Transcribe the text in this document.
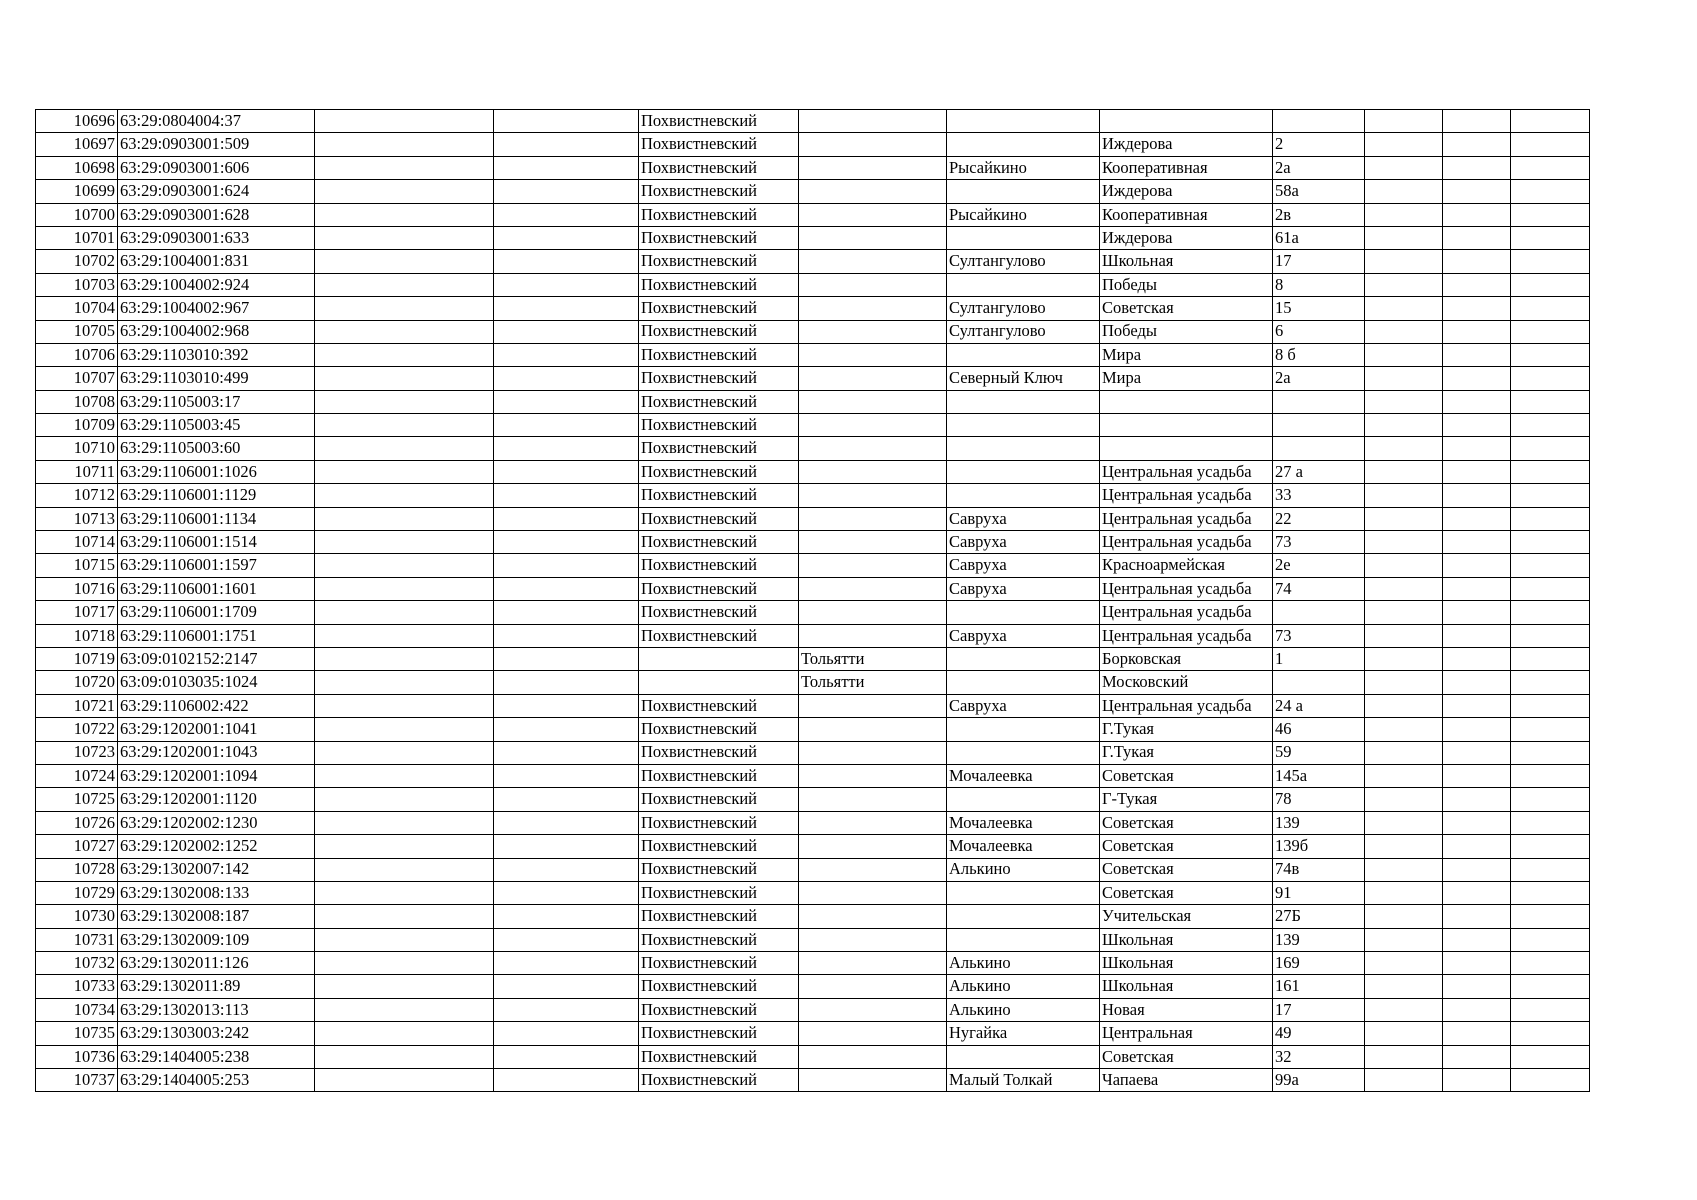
10696	63:29:0804004:37			Похвистневский							
10697	63:29:0903001:509			Похвистневский			Иждерова	2			
10698	63:29:0903001:606			Похвистневский		Рысайкино	Кооперативная	2а			
10699	63:29:0903001:624			Похвистневский			Иждерова	58а			
10700	63:29:0903001:628			Похвистневский		Рысайкино	Кооперативная	2в			
10701	63:29:0903001:633			Похвистневский			Иждерова	61а			
10702	63:29:1004001:831			Похвистневский		Султангулово	Школьная	17			
10703	63:29:1004002:924			Похвистневский			Победы	8			
10704	63:29:1004002:967			Похвистневский		Султангулово	Советская	15			
10705	63:29:1004002:968			Похвистневский		Султангулово	Победы	6			
10706	63:29:1103010:392			Похвистневский			Мира	8 б			
10707	63:29:1103010:499			Похвистневский		Северный Ключ	Мира	2а			
10708	63:29:1105003:17			Похвистневский							
10709	63:29:1105003:45			Похвистневский							
10710	63:29:1105003:60			Похвистневский							
10711	63:29:1106001:1026			Похвистневский			Центральная усадьба	27 а			
10712	63:29:1106001:1129			Похвистневский			Центральная усадьба	33			
10713	63:29:1106001:1134			Похвистневский		Савруха	Центральная усадьба	22			
10714	63:29:1106001:1514			Похвистневский		Савруха	Центральная усадьба	73			
10715	63:29:1106001:1597			Похвистневский		Савруха	Красноармейская	2е			
10716	63:29:1106001:1601			Похвистневский		Савруха	Центральная усадьба	74			
10717	63:29:1106001:1709			Похвистневский			Центральная усадьба				
10718	63:29:1106001:1751			Похвистневский		Савруха	Центральная усадьба	73			
10719	63:09:0102152:2147				Тольятти		Борковская	1			
10720	63:09:0103035:1024				Тольятти		Московский				
10721	63:29:1106002:422			Похвистневский		Савруха	Центральная усадьба	24 а			
10722	63:29:1202001:1041			Похвистневский			Г.Тукая	46			
10723	63:29:1202001:1043			Похвистневский			Г.Тукая	59			
10724	63:29:1202001:1094			Похвистневский		Мочалеевка	Советская	145а			
10725	63:29:1202001:1120			Похвистневский			Г-Тукая	78			
10726	63:29:1202002:1230			Похвистневский		Мочалеевка	Советская	139			
10727	63:29:1202002:1252			Похвистневский		Мочалеевка	Советская	139б			
10728	63:29:1302007:142			Похвистневский		Алькино	Советская	74в			
10729	63:29:1302008:133			Похвистневский			Советская	91			
10730	63:29:1302008:187			Похвистневский			Учительская	27Б			
10731	63:29:1302009:109			Похвистневский			Школьная	139			
10732	63:29:1302011:126			Похвистневский		Алькино	Школьная	169			
10733	63:29:1302011:89			Похвистневский		Алькино	Школьная	161			
10734	63:29:1302013:113			Похвистневский		Алькино	Новая	17			
10735	63:29:1303003:242			Похвистневский		Нугайка	Центральная	49			
10736	63:29:1404005:238			Похвистневский			Советская	32			
10737	63:29:1404005:253			Похвистневский		Малый Толкай	Чапаева	99а			
